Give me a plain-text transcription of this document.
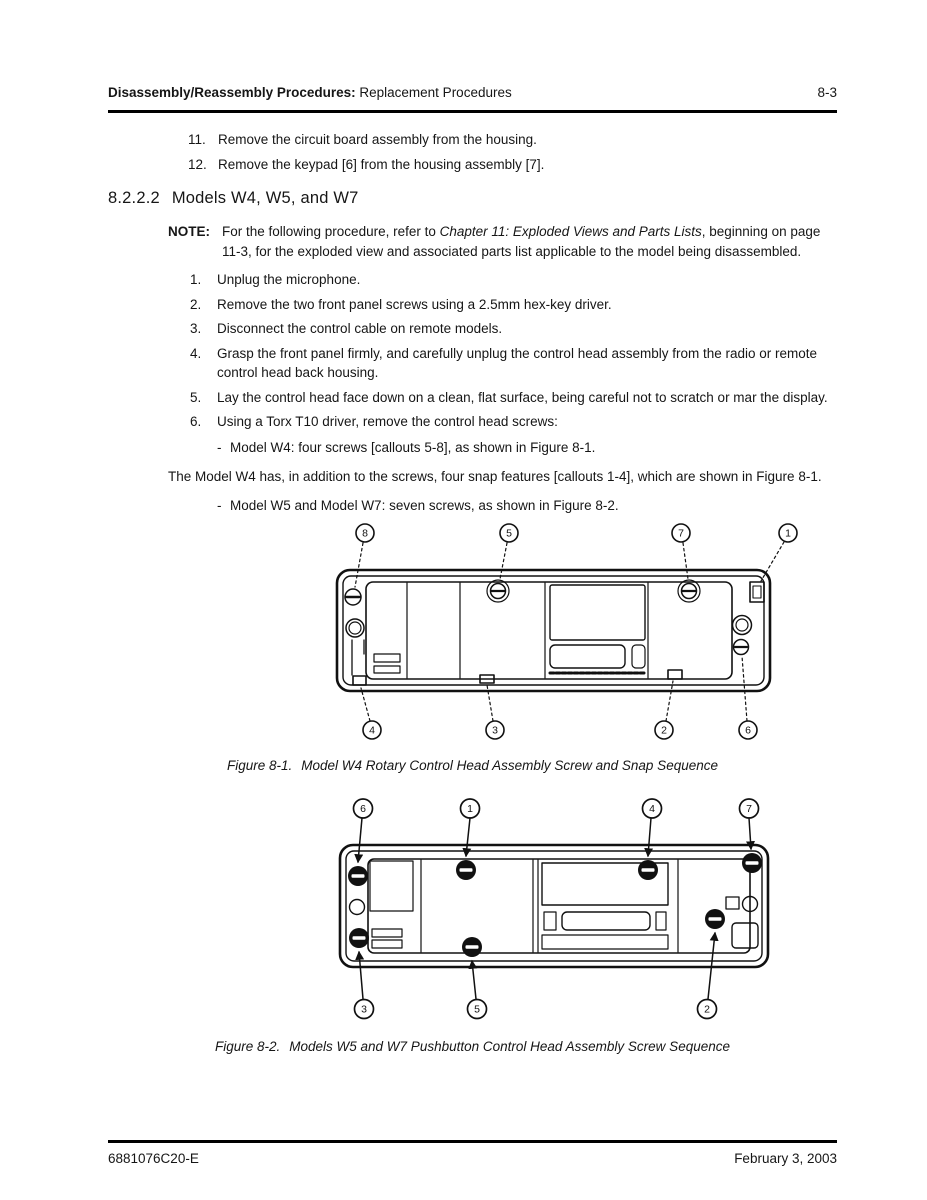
Disassembly/Reassembly Procedures: Replacement Procedures	8-3
11. Remove the circuit board assembly from the housing.
12. Remove the keypad [6] from the housing assembly [7].
8.2.2.2 Models W4, W5, and W7
NOTE: For the following procedure, refer to Chapter 11: Exploded Views and Parts Lists, beginning on page 11-3, for the exploded view and associated parts list applicable to the model being disassembled.
1.	Unplug the microphone.
2.	Remove the two front panel screws using a 2.5mm hex-key driver.
3.	Disconnect the control cable on remote models.
4.	Grasp the front panel firmly, and carefully unplug the control head assembly from the radio or remote control head back housing.
5.	Lay the control head face down on a clean, flat surface, being careful not to scratch or mar the display.
6.	Using a Torx T10 driver, remove the control head screws:
- Model W4: four screws [callouts 5-8], as shown in Figure 8-1.
The Model W4 has, in addition to the screws, four snap features [callouts 1-4], which are shown in Figure 8-1.
- Model W5 and Model W7: seven screws, as shown in Figure 8-2.
8	5	7	1
4	3	2	6
Figure 8-1. Model W4 Rotary Control Head Assembly Screw and Snap Sequence
6	1	4	7
3	5	2
Figure 8-2. Models W5 and W7 Pushbutton Control Head Assembly Screw Sequence
6881076C20-E	February 3, 2003
